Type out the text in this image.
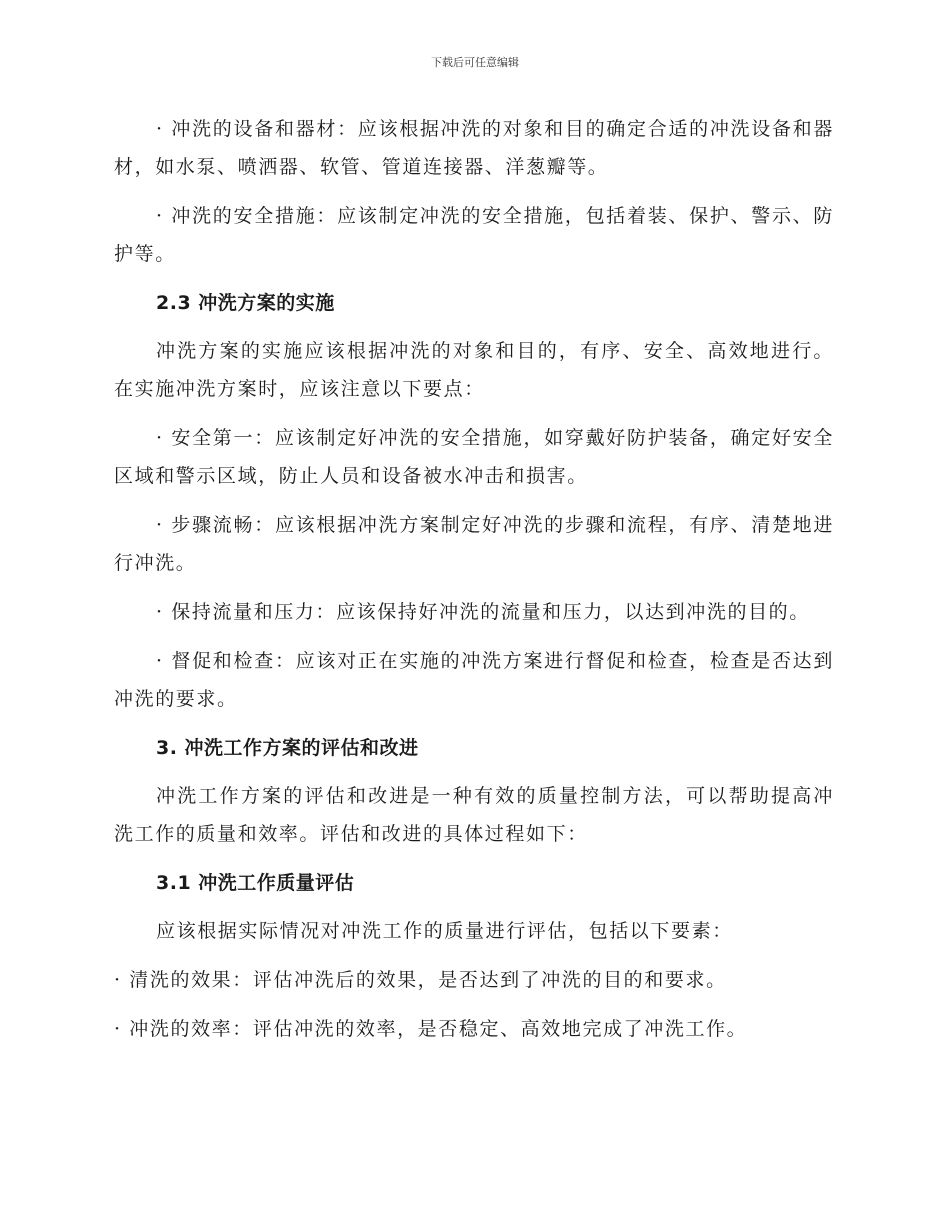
下载后可任意编辑

· 冲洗的设备和器材：应该根据冲洗的对象和目的确定合适的冲洗设备和器材，如水泵、喷洒器、软管、管道连接器、洋葱瓣等。

· 冲洗的安全措施：应该制定冲洗的安全措施，包括着装、保护、警示、防护等。

2.3 冲洗方案的实施

冲洗方案的实施应该根据冲洗的对象和目的，有序、安全、高效地进行。在实施冲洗方案时，应该注意以下要点：

· 安全第一：应该制定好冲洗的安全措施，如穿戴好防护装备，确定好安全区域和警示区域，防止人员和设备被水冲击和损害。

· 步骤流畅：应该根据冲洗方案制定好冲洗的步骤和流程，有序、清楚地进行冲洗。

· 保持流量和压力：应该保持好冲洗的流量和压力，以达到冲洗的目的。

· 督促和检查：应该对正在实施的冲洗方案进行督促和检查，检查是否达到冲洗的要求。

3. 冲洗工作方案的评估和改进

冲洗工作方案的评估和改进是一种有效的质量控制方法，可以帮助提高冲洗工作的质量和效率。评估和改进的具体过程如下：

3.1 冲洗工作质量评估

应该根据实际情况对冲洗工作的质量进行评估，包括以下要素：

· 清洗的效果：评估冲洗后的效果，是否达到了冲洗的目的和要求。

· 冲洗的效率：评估冲洗的效率，是否稳定、高效地完成了冲洗工作。
